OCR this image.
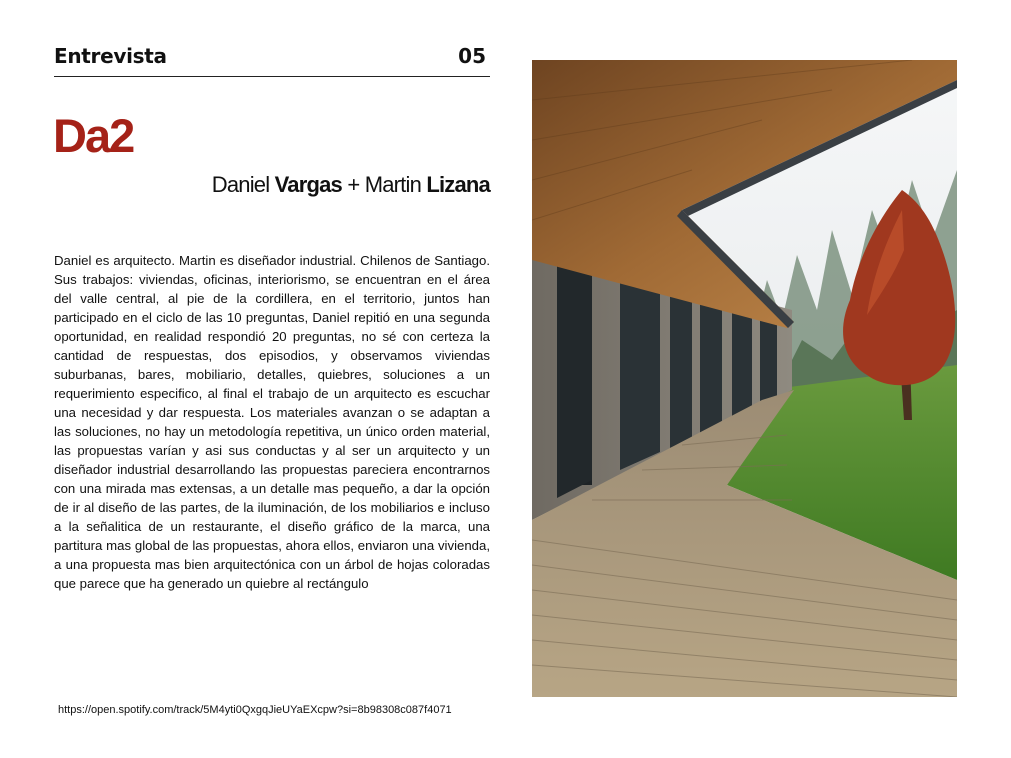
Entrevista	05
Da2
Daniel Vargas + Martin Lizana

Daniel es arquitecto. Martin es diseñador industrial. Chilenos de Santiago. Sus trabajos: viviendas, oficinas, interiorismo, se encuentran en el área del valle central, al pie de la cordillera, en el territorio, juntos han participado en el ciclo de las 10 preguntas, Daniel repitió en una segunda oportunidad, en realidad respondió 20 preguntas, no sé con certeza la cantidad de respuestas, dos episodios, y observamos viviendas suburbanas, bares, mobiliario, detalles, quiebres, soluciones a un requerimiento especifico, al final el trabajo de un arquitecto es escuchar una necesidad y dar respuesta. Los materiales avanzan o se adaptan a las soluciones, no hay un metodología repetitiva, un único orden material, las propuestas varían y asi sus conductas y al ser un arquitecto y un diseñador industrial desarrollando las propuestas pareciera encontrarnos con una mirada mas extensas, a un detalle mas pequeño, a dar la opción de ir al diseño de las partes, de la iluminación, de los mobiliarios e incluso a la señalitica de un restaurante, el diseño gráfico de la marca, una partitura mas global de las propuestas, ahora ellos, enviaron una vivienda, a una propuesta mas bien arquitectónica con un árbol de hojas coloradas que parece que ha generado un quiebre al rectángulo

https://open.spotify.com/track/5M4yti0QxgqJieUYaEXcpw?si=8b98308c087f4071
